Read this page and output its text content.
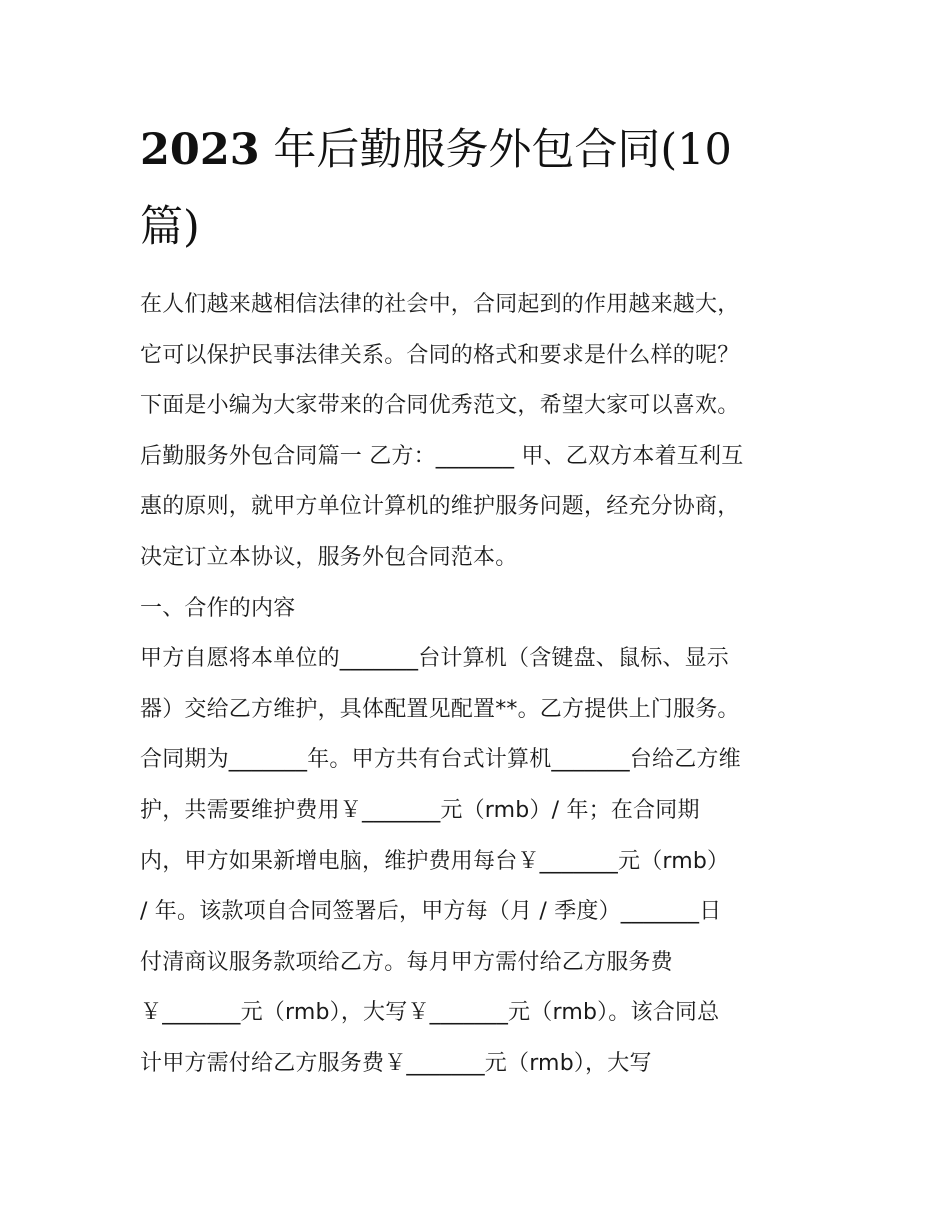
2023 年后勤服务外包合同(10
篇)
在人们越来越相信法律的社会中，合同起到的作用越来越大，
它可以保护民事法律关系。合同的格式和要求是什么样的呢？
下面是小编为大家带来的合同优秀范文，希望大家可以喜欢。
后勤服务外包合同篇一 乙方：_______ 甲、乙双方本着互利互
惠的原则，就甲方单位计算机的维护服务问题，经充分协商，
决定订立本协议，服务外包合同范本。
一、合作的内容
甲方自愿将本单位的_______台计算机（含键盘、鼠标、显示
器）交给乙方维护，具体配置见配置**。乙方提供上门服务。
合同期为_______年。甲方共有台式计算机_______台给乙方维
护，共需要维护费用￥_______元（rmb）/ 年；在合同期
内，甲方如果新增电脑，维护费用每台￥_______元（rmb）
/ 年。该款项自合同签署后，甲方每（月 / 季度）_______日
付清商议服务款项给乙方。每月甲方需付给乙方服务费
￥_______元（rmb），大写￥_______元（rmb）。该合同总
计甲方需付给乙方服务费￥_______元（rmb），大写
